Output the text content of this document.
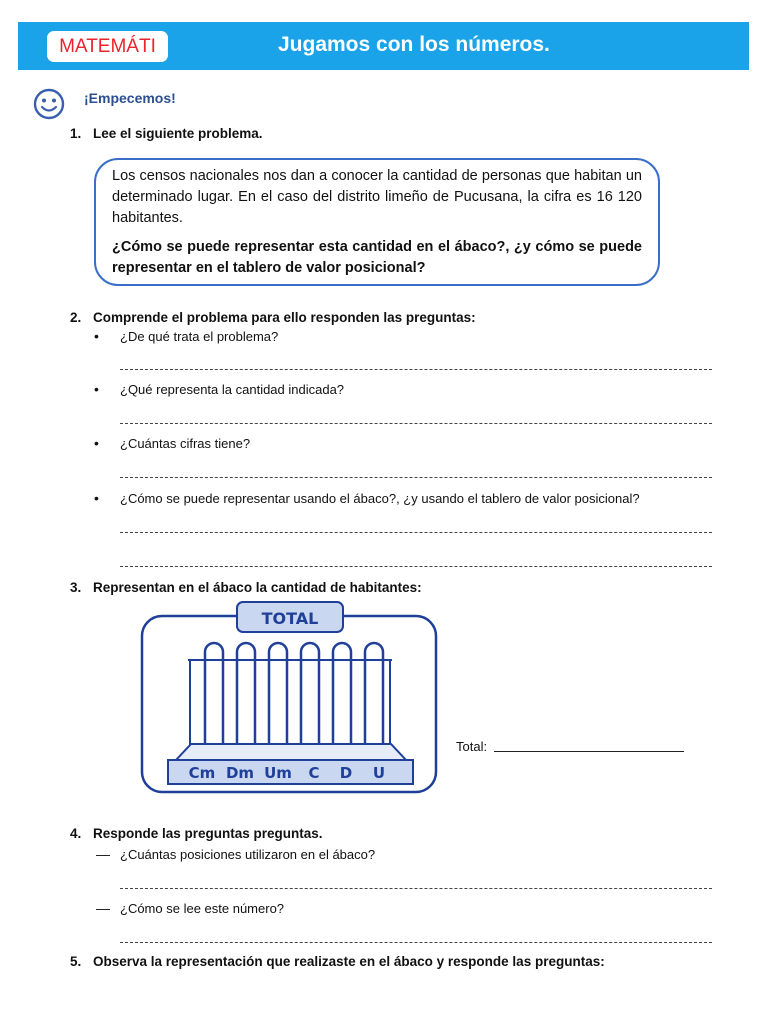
MATEMÁTI	Jugamos con los números.
¡Empecemos!
1. Lee el siguiente problema.

Los censos nacionales nos dan a conocer la cantidad de personas que habitan un determinado lugar. En el caso del distrito limeño de Pucusana, la cifra es 16 120 habitantes.

¿Cómo se puede representar esta cantidad en el ábaco?, ¿y cómo se puede representar en el tablero de valor posicional?

2. Comprende el problema para ello responden las preguntas:
• ¿De qué trata el problema?
• ¿Qué representa la cantidad indicada?
• ¿Cuántas cifras tiene?
• ¿Cómo se puede representar usando el ábaco?, ¿y usando el tablero de valor posicional?
3. Representan en el ábaco la cantidad de habitantes:
TOTAL
Cm Dm Um C D U
Total:
4. Responde las preguntas preguntas.
— ¿Cuántas posiciones utilizaron en el ábaco?
— ¿Cómo se lee este número?
5. Observa la representación que realizaste en el ábaco y responde las preguntas:
